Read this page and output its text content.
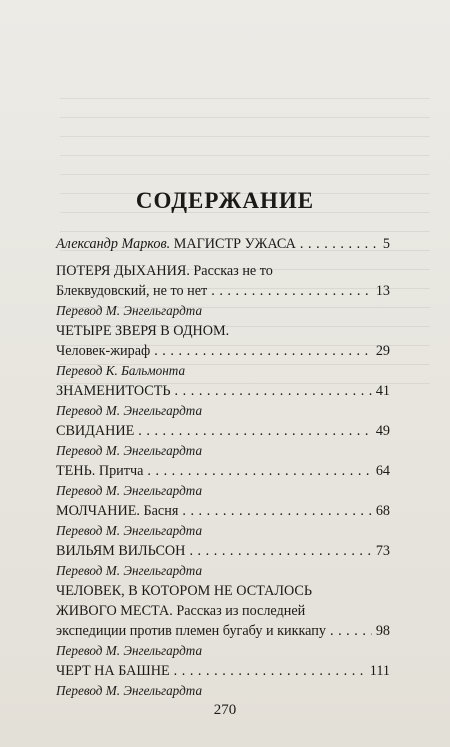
СОДЕРЖАНИЕ
Александр Марков. МАГИСТР УЖАСА . . .	5
ПОТЕРЯ ДЫХАНИЯ. Рассказ не то
Блеквудовский, не то нет . . .	13
Перевод М. Энгельгардта
ЧЕТЫРЕ ЗВЕРЯ В ОДНОМ.
Человек-жираф . . .	29
Перевод К. Бальмонта
ЗНАМЕНИТОСТЬ . . .	41
Перевод М. Энгельгардта
СВИДАНИЕ . . .	49
Перевод М. Энгельгардта
ТЕНЬ. Притча . . .	64
Перевод М. Энгельгардта
МОЛЧАНИЕ. Басня . . .	68
Перевод М. Энгельгардта
ВИЛЬЯМ ВИЛЬСОН . . .	73
Перевод М. Энгельгардта
ЧЕЛОВЕК, В КОТОРОМ НЕ ОСТАЛОСЬ
ЖИВОГО МЕСТА. Рассказ из последней
экспедиции против племен бугабу и киккапу . . .	98
Перевод М. Энгельгардта
ЧЕРТ НА БАШНЕ . . .	111
Перевод М. Энгельгардта
270
